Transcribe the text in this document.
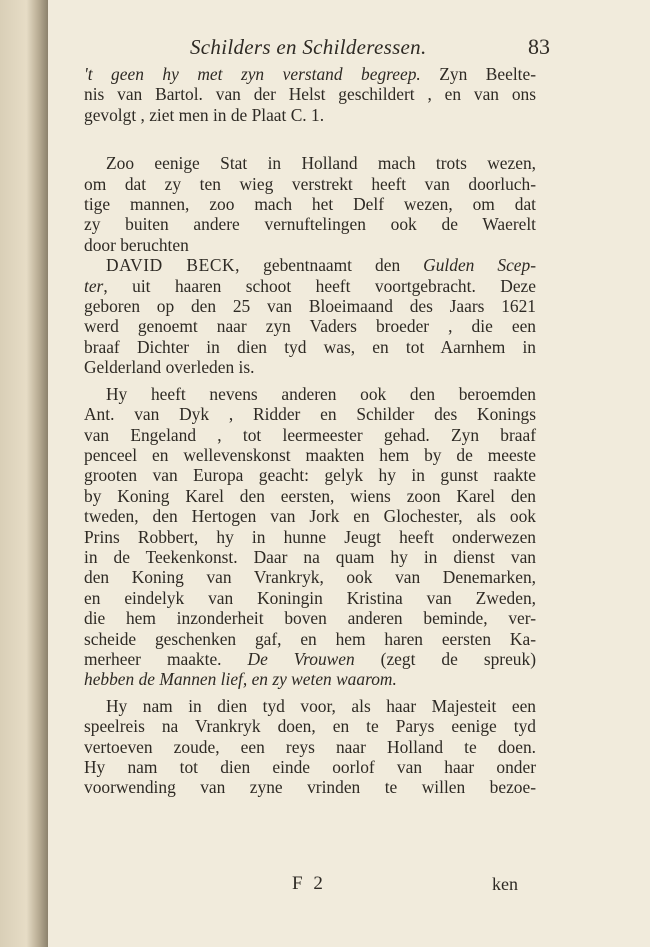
Schilders en Schilderessen.	83
't geen hy met zyn verstand begreep. Zyn Beelte-
nis van Bartol. van der Helst geschildert , en van ons
gevolgt , ziet men in de Plaat C. 1.
Zoo eenige Stat in Holland mach trots wezen,
om dat zy ten wieg verstrekt heeft van doorluch-
tige mannen, zoo mach het Delf wezen, om dat
zy buiten andere vernuftelingen ook de Waerelt
door beruchten
DAVID BECK, gebentnaamt den Gulden Scep-
ter, uit haaren schoot heeft voortgebracht. Deze
geboren op den 25 van Bloeimaand des Jaars 1621
werd genoemt naar zyn Vaders broeder , die een
braaf Dichter in dien tyd was, en tot Aarnhem in
Gelderland overleden is.
Hy heeft nevens anderen ook den beroemden
Ant. van Dyk , Ridder en Schilder des Konings
van Engeland , tot leermeester gehad. Zyn braaf
penceel en wellevenskonst maakten hem by de meeste
grooten van Europa geacht: gelyk hy in gunst raakte
by Koning Karel den eersten, wiens zoon Karel den
tweden, den Hertogen van Jork en Glochester, als ook
Prins Robbert, hy in hunne Jeugt heeft onderwezen
in de Teekenkonst. Daar na quam hy in dienst van
den Koning van Vrankryk, ook van Denemarken,
en eindelyk van Koningin Kristina van Zweden,
die hem inzonderheit boven anderen beminde, ver-
scheide geschenken gaf, en hem haren eersten Ka-
merheer maakte. De Vrouwen (zegt de spreuk)
hebben de Mannen lief, en zy weten waarom.
Hy nam in dien tyd voor, als haar Majesteit een
speelreis na Vrankryk doen, en te Parys eenige tyd
vertoeven zoude, een reys naar Holland te doen.
Hy nam tot dien einde oorlof van haar onder
voorwending van zyne vrinden te willen bezoe-
F 2	ken
